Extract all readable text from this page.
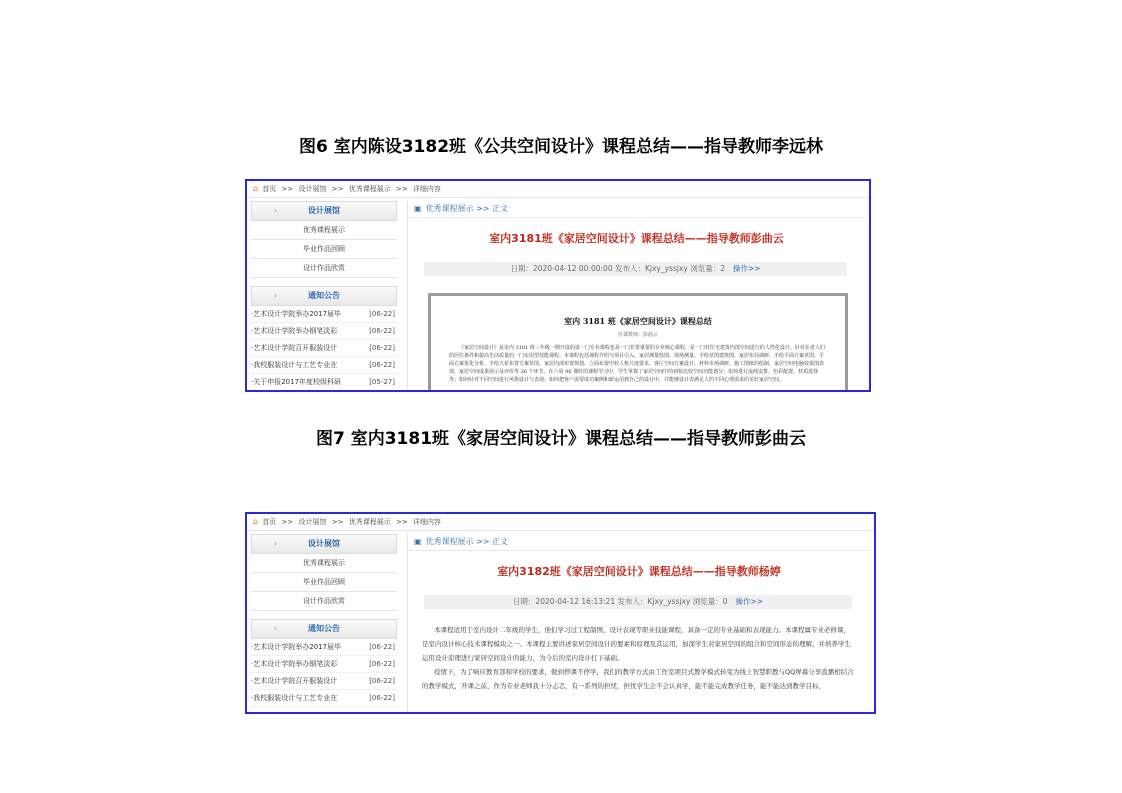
图6 室内陈设3182班《公共空间设计》课程总结——指导教师李远林
⌂ 首页 >> 设计展馆 >> 优秀课程展示 >> 详细内容
›	设计展馆
优秀课程展示
毕业作品回顾
设计作品欣赏
›	通知公告
·艺术设计学院举办2017届毕	[06-22]
·艺术设计学院举办钢笔淡彩	[06-22]
·艺术设计学院召开服装设计	[06-22]
·我校服装设计与工艺专业在	[06-22]
·关于申报2017年度校级科研	[05-27]
▣ 优秀课程展示 >> 正文
室内3181班《家居空间设计》课程总结——指导教师彭曲云
日期：2020-04-12 00:00:00 发布人：Kjxy_yssjxy 浏览量：2 操作>>
室内 3181 班《家居空间设计》课程总结
任课教师：彭曲云
《家居空间设计》是室内 3181 班三年级一期开设的第一门专业课程也是一门非常重要的专业核心课程，是一门对住宅建筑内部空间进行的人性化设计。针对在者人们的居住条件和提高生活质量的一门实用型技能课程。本课程包括课程介绍与项目引入、家居测量绘图、现场测量、手绘草图建筑图、家居布局调研、手绘平面方案草图、平面方案优化分析、手绘天花布置方案草图、家居内部布置规划、立面布置中较人机尺度要求、客厅空间方案设计、材料市场调研、施工图纸的绘制、家居空间电脑效果图表现、家居空间成果展示及评价等 26 个环节。在六周 96 课时的课程学习中，学生掌握了家居空间中的初始比较空间功能划分；如何进行流线安排、色彩配置、材质选择等；如何针对不同空间进行风格设计与表现；如何把客户需要成功案例和新运用到自己的设计中，并能够设计表满足人的不同心理需求的美好家居空间。
图7 室内3181班《家居空间设计》课程总结——指导教师彭曲云
⌂ 首页 >> 设计展馆 >> 优秀课程展示 >> 详细内容
›	设计展馆
优秀课程展示
毕业作品回顾
设计作品欣赏
›	通知公告
·艺术设计学院举办2017届毕	[06-22]
·艺术设计学院举办钢笔淡彩	[06-22]
·艺术设计学院召开服装设计	[06-22]
·我校服装设计与工艺专业在	[06-22]
▣ 优秀课程展示 >> 正文
室内3182班《家居空间设计》课程总结——指导教师杨婷
日期：2020-04-12 16:13:21 发布人：Kjxy_yssjxy 浏览量：0 操作>>

本课程适用于室内设计二年级的学生，他们学习过工程制图、设计表现等职业技能课程，具备一定的专业基础和表现能力。本课程属专业必修课，是室内设计核心技术课程模块之一。本课程主要讲述家居空间设计的要素和原理及其运用，加深学生对家居空间的组合和空间形态的理解，并培养学生运用设计原理进行家居空间设计的能力，为今后的室内设计打下基础。

疫情下，为了响应教育部和学校的要求，做到停课不停学，我们的教学方式由工作室项目式教学模式转变为线上智慧职教与QQ屏幕分享直播相结合的教学模式，开课之前，作为专业老师我十分忐忑，有一系列的担忧，担忧学生会不会认真学，能不能完成教学任务，能不能达到教学目标，
